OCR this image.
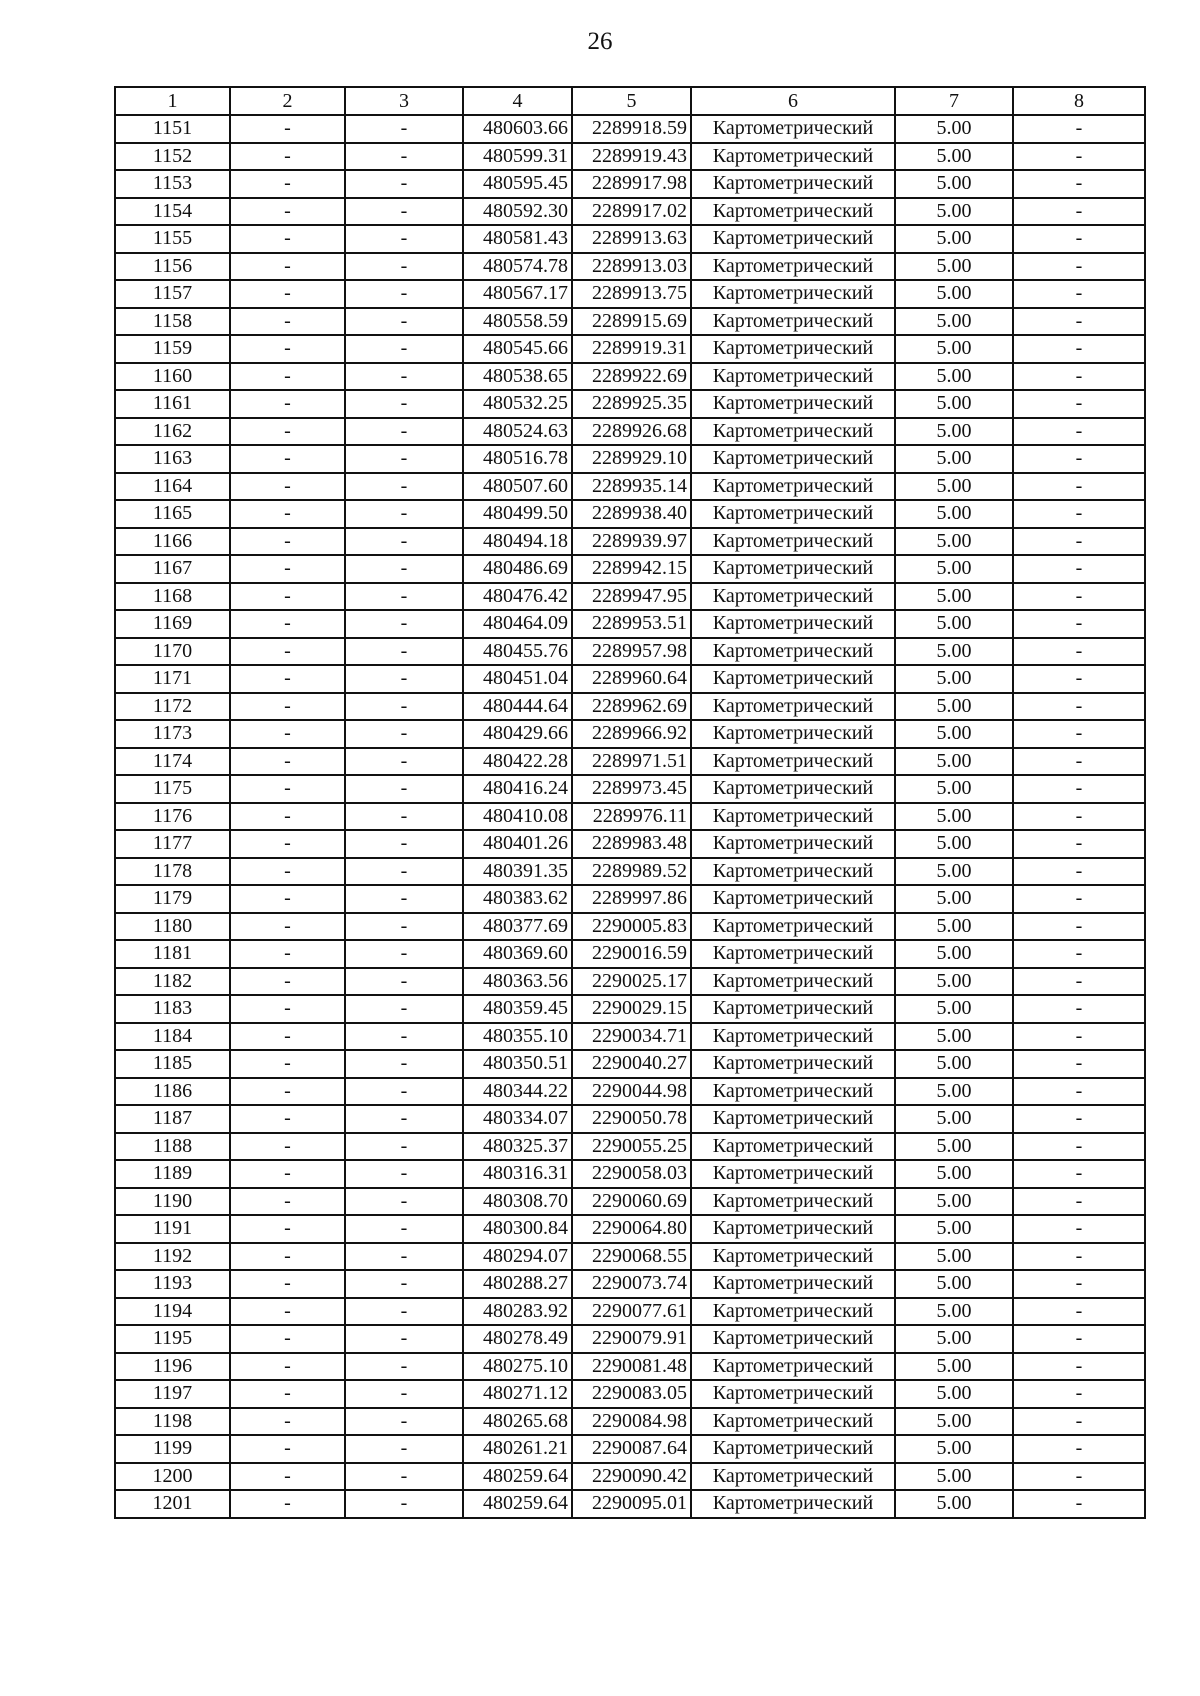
26
1	2	3	4	5	6	7	8
1151	-	-	480603.66	2289918.59	Картометрический	5.00	-
1152	-	-	480599.31	2289919.43	Картометрический	5.00	-
1153	-	-	480595.45	2289917.98	Картометрический	5.00	-
1154	-	-	480592.30	2289917.02	Картометрический	5.00	-
1155	-	-	480581.43	2289913.63	Картометрический	5.00	-
1156	-	-	480574.78	2289913.03	Картометрический	5.00	-
1157	-	-	480567.17	2289913.75	Картометрический	5.00	-
1158	-	-	480558.59	2289915.69	Картометрический	5.00	-
1159	-	-	480545.66	2289919.31	Картометрический	5.00	-
1160	-	-	480538.65	2289922.69	Картометрический	5.00	-
1161	-	-	480532.25	2289925.35	Картометрический	5.00	-
1162	-	-	480524.63	2289926.68	Картометрический	5.00	-
1163	-	-	480516.78	2289929.10	Картометрический	5.00	-
1164	-	-	480507.60	2289935.14	Картометрический	5.00	-
1165	-	-	480499.50	2289938.40	Картометрический	5.00	-
1166	-	-	480494.18	2289939.97	Картометрический	5.00	-
1167	-	-	480486.69	2289942.15	Картометрический	5.00	-
1168	-	-	480476.42	2289947.95	Картометрический	5.00	-
1169	-	-	480464.09	2289953.51	Картометрический	5.00	-
1170	-	-	480455.76	2289957.98	Картометрический	5.00	-
1171	-	-	480451.04	2289960.64	Картометрический	5.00	-
1172	-	-	480444.64	2289962.69	Картометрический	5.00	-
1173	-	-	480429.66	2289966.92	Картометрический	5.00	-
1174	-	-	480422.28	2289971.51	Картометрический	5.00	-
1175	-	-	480416.24	2289973.45	Картометрический	5.00	-
1176	-	-	480410.08	2289976.11	Картометрический	5.00	-
1177	-	-	480401.26	2289983.48	Картометрический	5.00	-
1178	-	-	480391.35	2289989.52	Картометрический	5.00	-
1179	-	-	480383.62	2289997.86	Картометрический	5.00	-
1180	-	-	480377.69	2290005.83	Картометрический	5.00	-
1181	-	-	480369.60	2290016.59	Картометрический	5.00	-
1182	-	-	480363.56	2290025.17	Картометрический	5.00	-
1183	-	-	480359.45	2290029.15	Картометрический	5.00	-
1184	-	-	480355.10	2290034.71	Картометрический	5.00	-
1185	-	-	480350.51	2290040.27	Картометрический	5.00	-
1186	-	-	480344.22	2290044.98	Картометрический	5.00	-
1187	-	-	480334.07	2290050.78	Картометрический	5.00	-
1188	-	-	480325.37	2290055.25	Картометрический	5.00	-
1189	-	-	480316.31	2290058.03	Картометрический	5.00	-
1190	-	-	480308.70	2290060.69	Картометрический	5.00	-
1191	-	-	480300.84	2290064.80	Картометрический	5.00	-
1192	-	-	480294.07	2290068.55	Картометрический	5.00	-
1193	-	-	480288.27	2290073.74	Картометрический	5.00	-
1194	-	-	480283.92	2290077.61	Картометрический	5.00	-
1195	-	-	480278.49	2290079.91	Картометрический	5.00	-
1196	-	-	480275.10	2290081.48	Картометрический	5.00	-
1197	-	-	480271.12	2290083.05	Картометрический	5.00	-
1198	-	-	480265.68	2290084.98	Картометрический	5.00	-
1199	-	-	480261.21	2290087.64	Картометрический	5.00	-
1200	-	-	480259.64	2290090.42	Картометрический	5.00	-
1201	-	-	480259.64	2290095.01	Картометрический	5.00	-
